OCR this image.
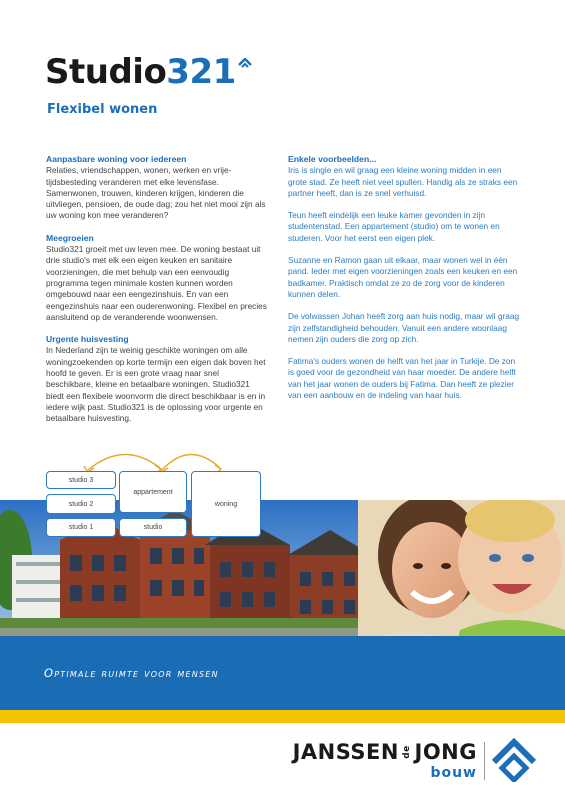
Studio 321
Flexibel wonen
Aanpasbare woning voor iedereen
Relaties, vriendschappen, wonen, werken en vrije-tijdsbesteding veranderen met elke levensfase. Samenwonen, trouwen, kinderen krijgen, kinderen die uitvliegen, pensioen, de oude dag; zou het niet mooi zijn als uw woning kon mee veranderen?
Meegroeien
Studio321 groeit met uw leven mee. De woning bestaat uit drie studio's met elk een eigen keuken en sanitaire voorzieningen, die met behulp van een eenvoudig programma tegen minimale kosten kunnen worden omgebouwd naar een eengezinshuis. En van een eengezinshuis naar een ouderenwoning. Flexibel en precies aansluitend op de veranderende woonwensen.
Urgente huisvesting
In Nederland zijn te weinig geschikte woningen om alle woningzoekenden op korte termijn een eigen dak boven het hoofd te geven. Er is een grote vraag naar snel beschikbare, kleine en betaalbare woningen. Studio321 biedt een flexibele woonvorm die direct beschikbaar is en in iedere wijk past. Studio321 is de oplossing voor urgente en betaalbare huisvesting.
Enkele voorbeelden...
Iris is single en wil graag een kleine woning midden in een grote stad. Ze heeft niet veel spullen. Handig als ze straks een partner heeft, dan is ze snel verhuisd.
Teun heeft eindelijk een leuke kamer gevonden in zijn studentenstad. Een appartement (studio) om te wonen en studeren. Voor het eerst een eigen plek.
Suzanne en Ramon gaan uit elkaar, maar wonen wel in één pand. Ieder met eigen voorzieningen zoals een keuken en een badkamer. Praktisch omdat ze zo de zorg voor de kinderen kunnen delen.
De volwassen Johan heeft zorg aan huis nodig, maar wil graag zijn zelfstandigheid behouden. Vanuit een andere woonlaag nemen zijn ouders die zorg op zich.
Fatima's ouders wonen de helft van het jaar in Turkije. De zon is goed voor de gezondheid van haar moeder. De andere helft van het jaar wonen de ouders bij Fatima. Dan heeft ze plezier van een aanbouw en de indeling van haar huis.
studio 3
studio 2
studio 1
appartement
studio
woning
Optimale ruimte voor mensen
JANSSEN de JONG
bouw
